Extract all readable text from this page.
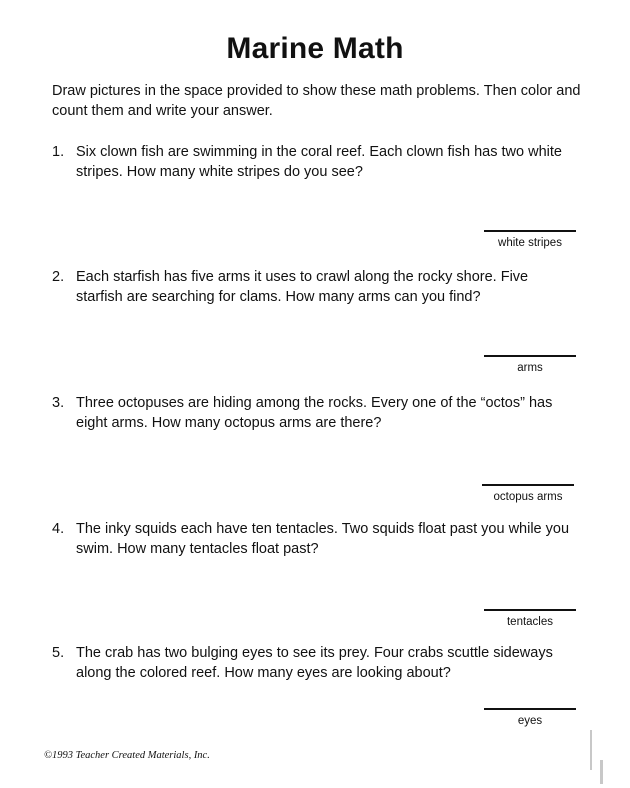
Marine Math

Draw pictures in the space provided to show these math problems. Then color and count them and write your answer.

1. Six clown fish are swimming in the coral reef. Each clown fish has two white stripes. How many white stripes do you see?
white stripes
2. Each starfish has five arms it uses to crawl along the rocky shore. Five starfish are searching for clams. How many arms can you find?
arms
3. Three octopuses are hiding among the rocks. Every one of the “octos” has eight arms. How many octopus arms are there?
octopus arms
4. The inky squids each have ten tentacles. Two squids float past you while you swim. How many tentacles float past?
tentacles
5. The crab has two bulging eyes to see its prey. Four crabs scuttle sideways along the colored reef. How many eyes are looking about?
eyes
©1993 Teacher Created Materials, Inc.
